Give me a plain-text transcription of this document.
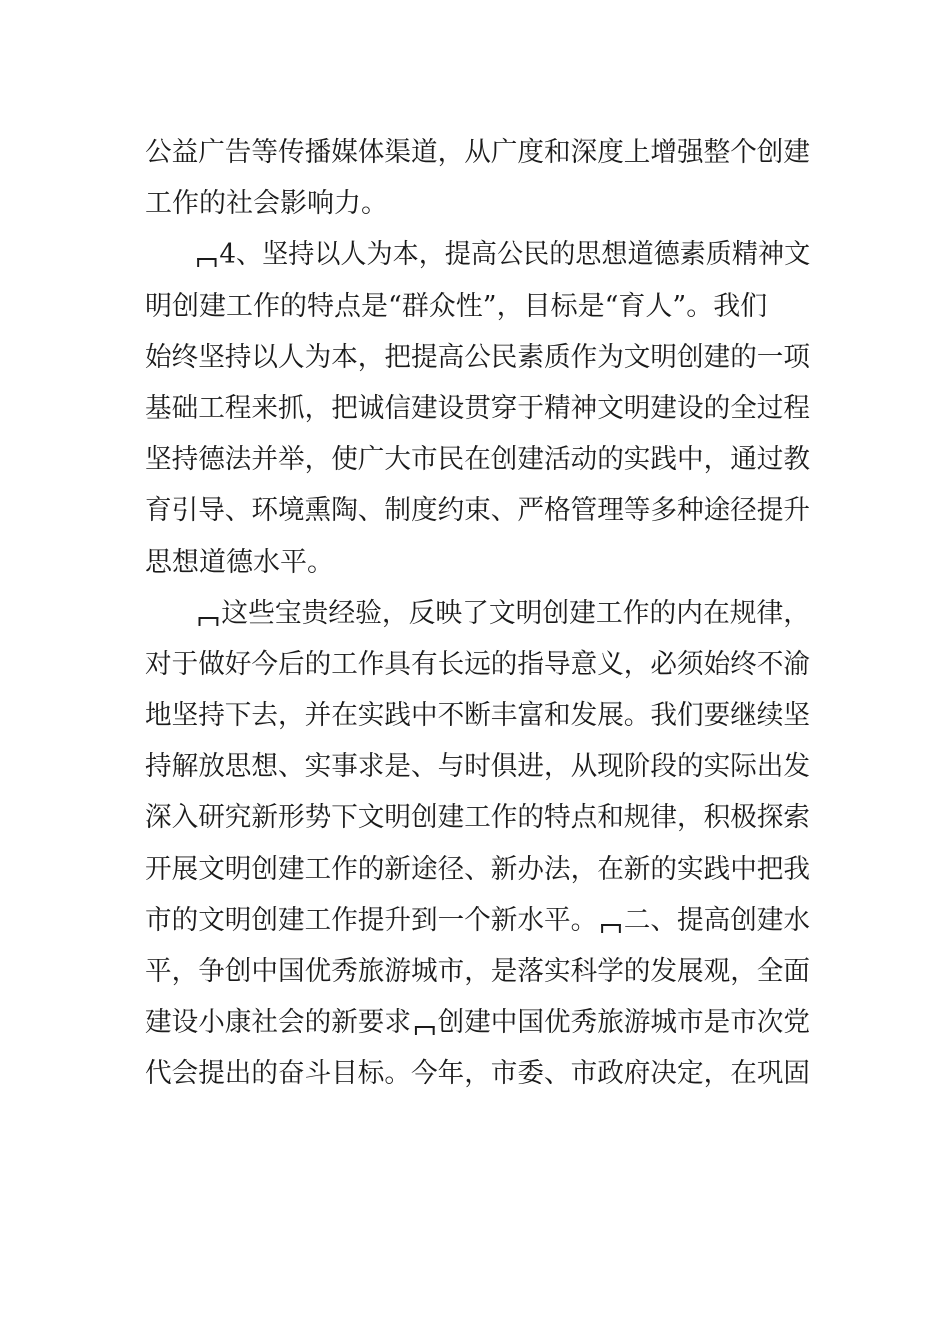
公益广告等传播媒体渠道，从广度和深度上增强整个创建
工作的社会影响力。
4、坚持以人为本，提高公民的思想道德素质精神文
明创建工作的特点是“群众性”，目标是“育人”。我们
始终坚持以人为本，把提高公民素质作为文明创建的一项
基础工程来抓，把诚信建设贯穿于精神文明建设的全过程
坚持德法并举，使广大市民在创建活动的实践中，通过教
育引导、环境熏陶、制度约束、严格管理等多种途径提升
思想道德水平。
这些宝贵经验，反映了文明创建工作的内在规律，
对于做好今后的工作具有长远的指导意义，必须始终不渝
地坚持下去，并在实践中不断丰富和发展。我们要继续坚
持解放思想、实事求是、与时俱进，从现阶段的实际出发
深入研究新形势下文明创建工作的特点和规律，积极探索
开展文明创建工作的新途径、新办法，在新的实践中把我
市的文明创建工作提升到一个新水平。 二、提高创建水
平，争创中国优秀旅游城市，是落实科学的发展观，全面
建设小康社会的新要求 创建中国优秀旅游城市是市次党
代会提出的奋斗目标。今年，市委、市政府决定，在巩固
